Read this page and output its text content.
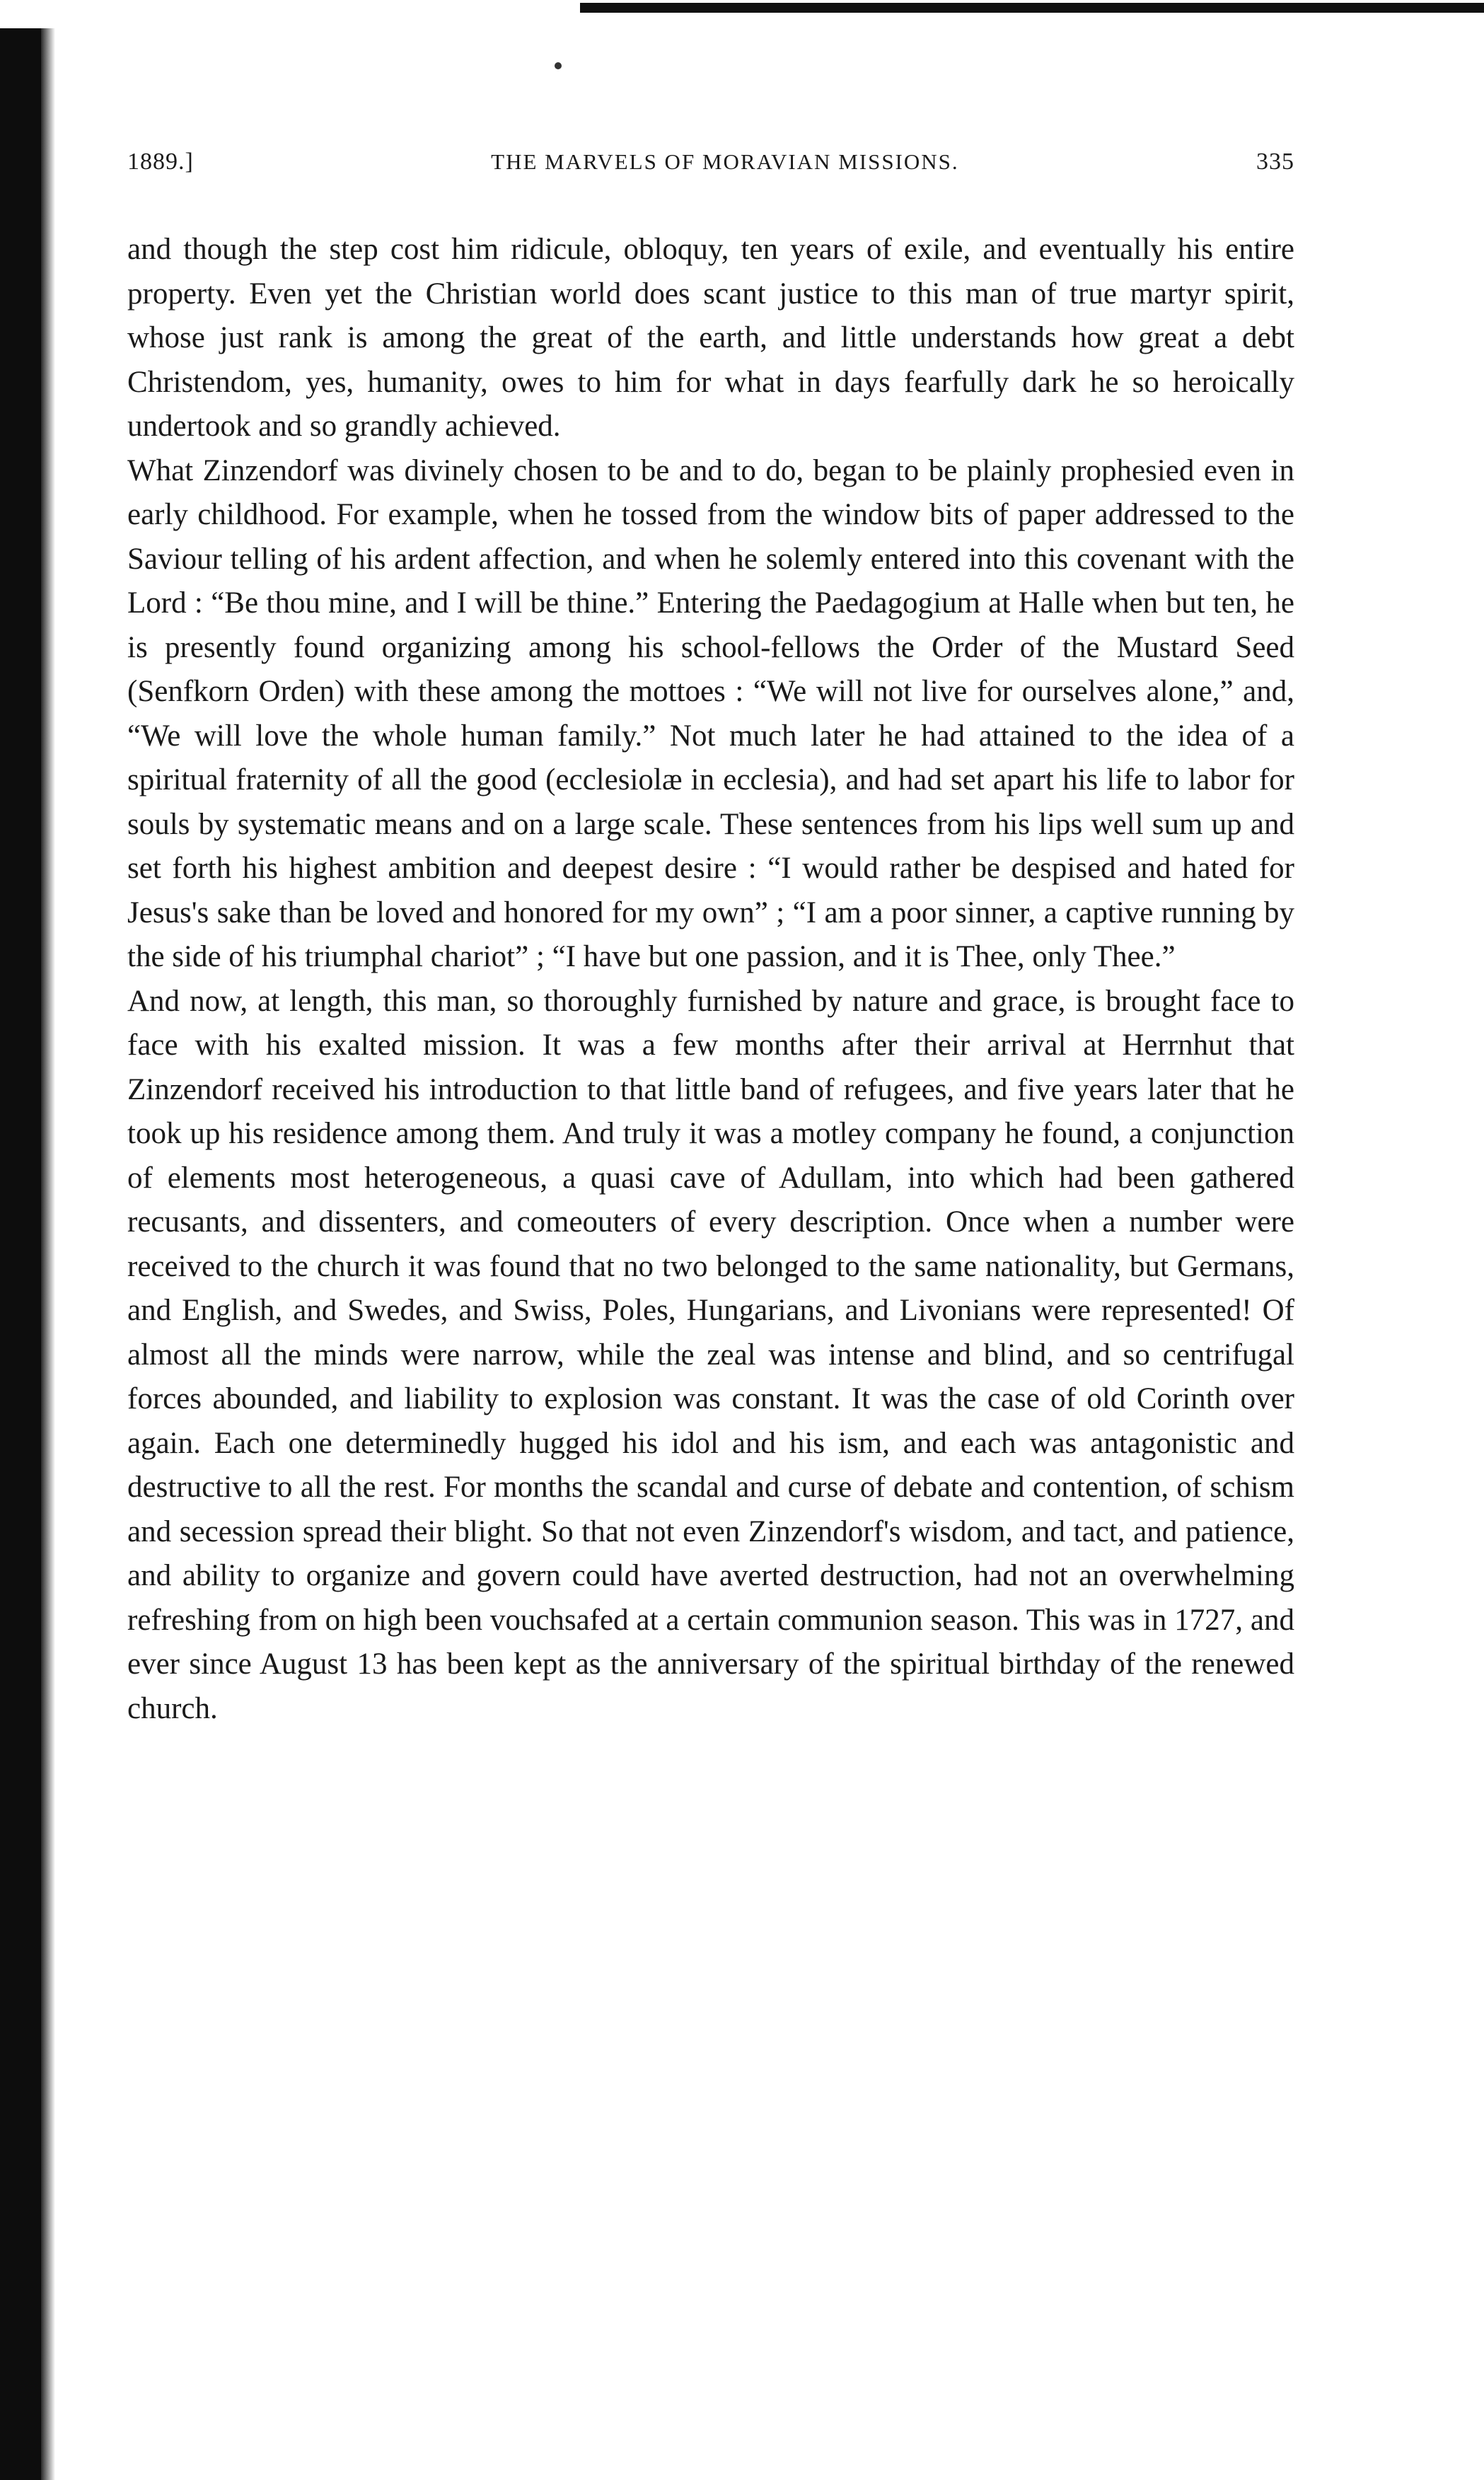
1889.]	THE MARVELS OF MORAVIAN MISSIONS.	335

and though the step cost him ridicule, obloquy, ten years of exile, and eventually his entire property. Even yet the Christian world does scant justice to this man of true martyr spirit, whose just rank is among the great of the earth, and little understands how great a debt Christendom, yes, humanity, owes to him for what in days fearfully dark he so heroically undertook and so grandly achieved.

What Zinzendorf was divinely chosen to be and to do, began to be plainly prophesied even in early childhood. For example, when he tossed from the window bits of paper addressed to the Saviour telling of his ardent affection, and when he solemly entered into this covenant with the Lord : “Be thou mine, and I will be thine.” Entering the Paedagogium at Halle when but ten, he is presently found organizing among his school-fellows the Order of the Mustard Seed (Senfkorn Orden) with these among the mottoes : “We will not live for ourselves alone,” and, “We will love the whole human family.” Not much later he had attained to the idea of a spiritual fraternity of all the good (ecclesiolæ in ecclesia), and had set apart his life to labor for souls by systematic means and on a large scale. These sentences from his lips well sum up and set forth his highest ambition and deepest desire : “I would rather be despised and hated for Jesus's sake than be loved and honored for my own” ; “I am a poor sinner, a captive running by the side of his triumphal chariot” ; “I have but one passion, and it is Thee, only Thee.”

And now, at length, this man, so thoroughly furnished by nature and grace, is brought face to face with his exalted mission. It was a few months after their arrival at Herrnhut that Zinzendorf received his introduction to that little band of refugees, and five years later that he took up his residence among them. And truly it was a motley company he found, a conjunction of elements most heterogeneous, a quasi cave of Adullam, into which had been gathered recusants, and dissenters, and comeouters of every description. Once when a number were received to the church it was found that no two belonged to the same nationality, but Germans, and English, and Swedes, and Swiss, Poles, Hungarians, and Livonians were represented! Of almost all the minds were narrow, while the zeal was intense and blind, and so centrifugal forces abounded, and liability to explosion was constant. It was the case of old Corinth over again. Each one determinedly hugged his idol and his ism, and each was antagonistic and destructive to all the rest. For months the scandal and curse of debate and contention, of schism and secession spread their blight. So that not even Zinzendorf's wisdom, and tact, and patience, and ability to organize and govern could have averted destruction, had not an overwhelming refreshing from on high been vouchsafed at a certain communion season. This was in 1727, and ever since August 13 has been kept as the anniversary of the spiritual birthday of the renewed church.
